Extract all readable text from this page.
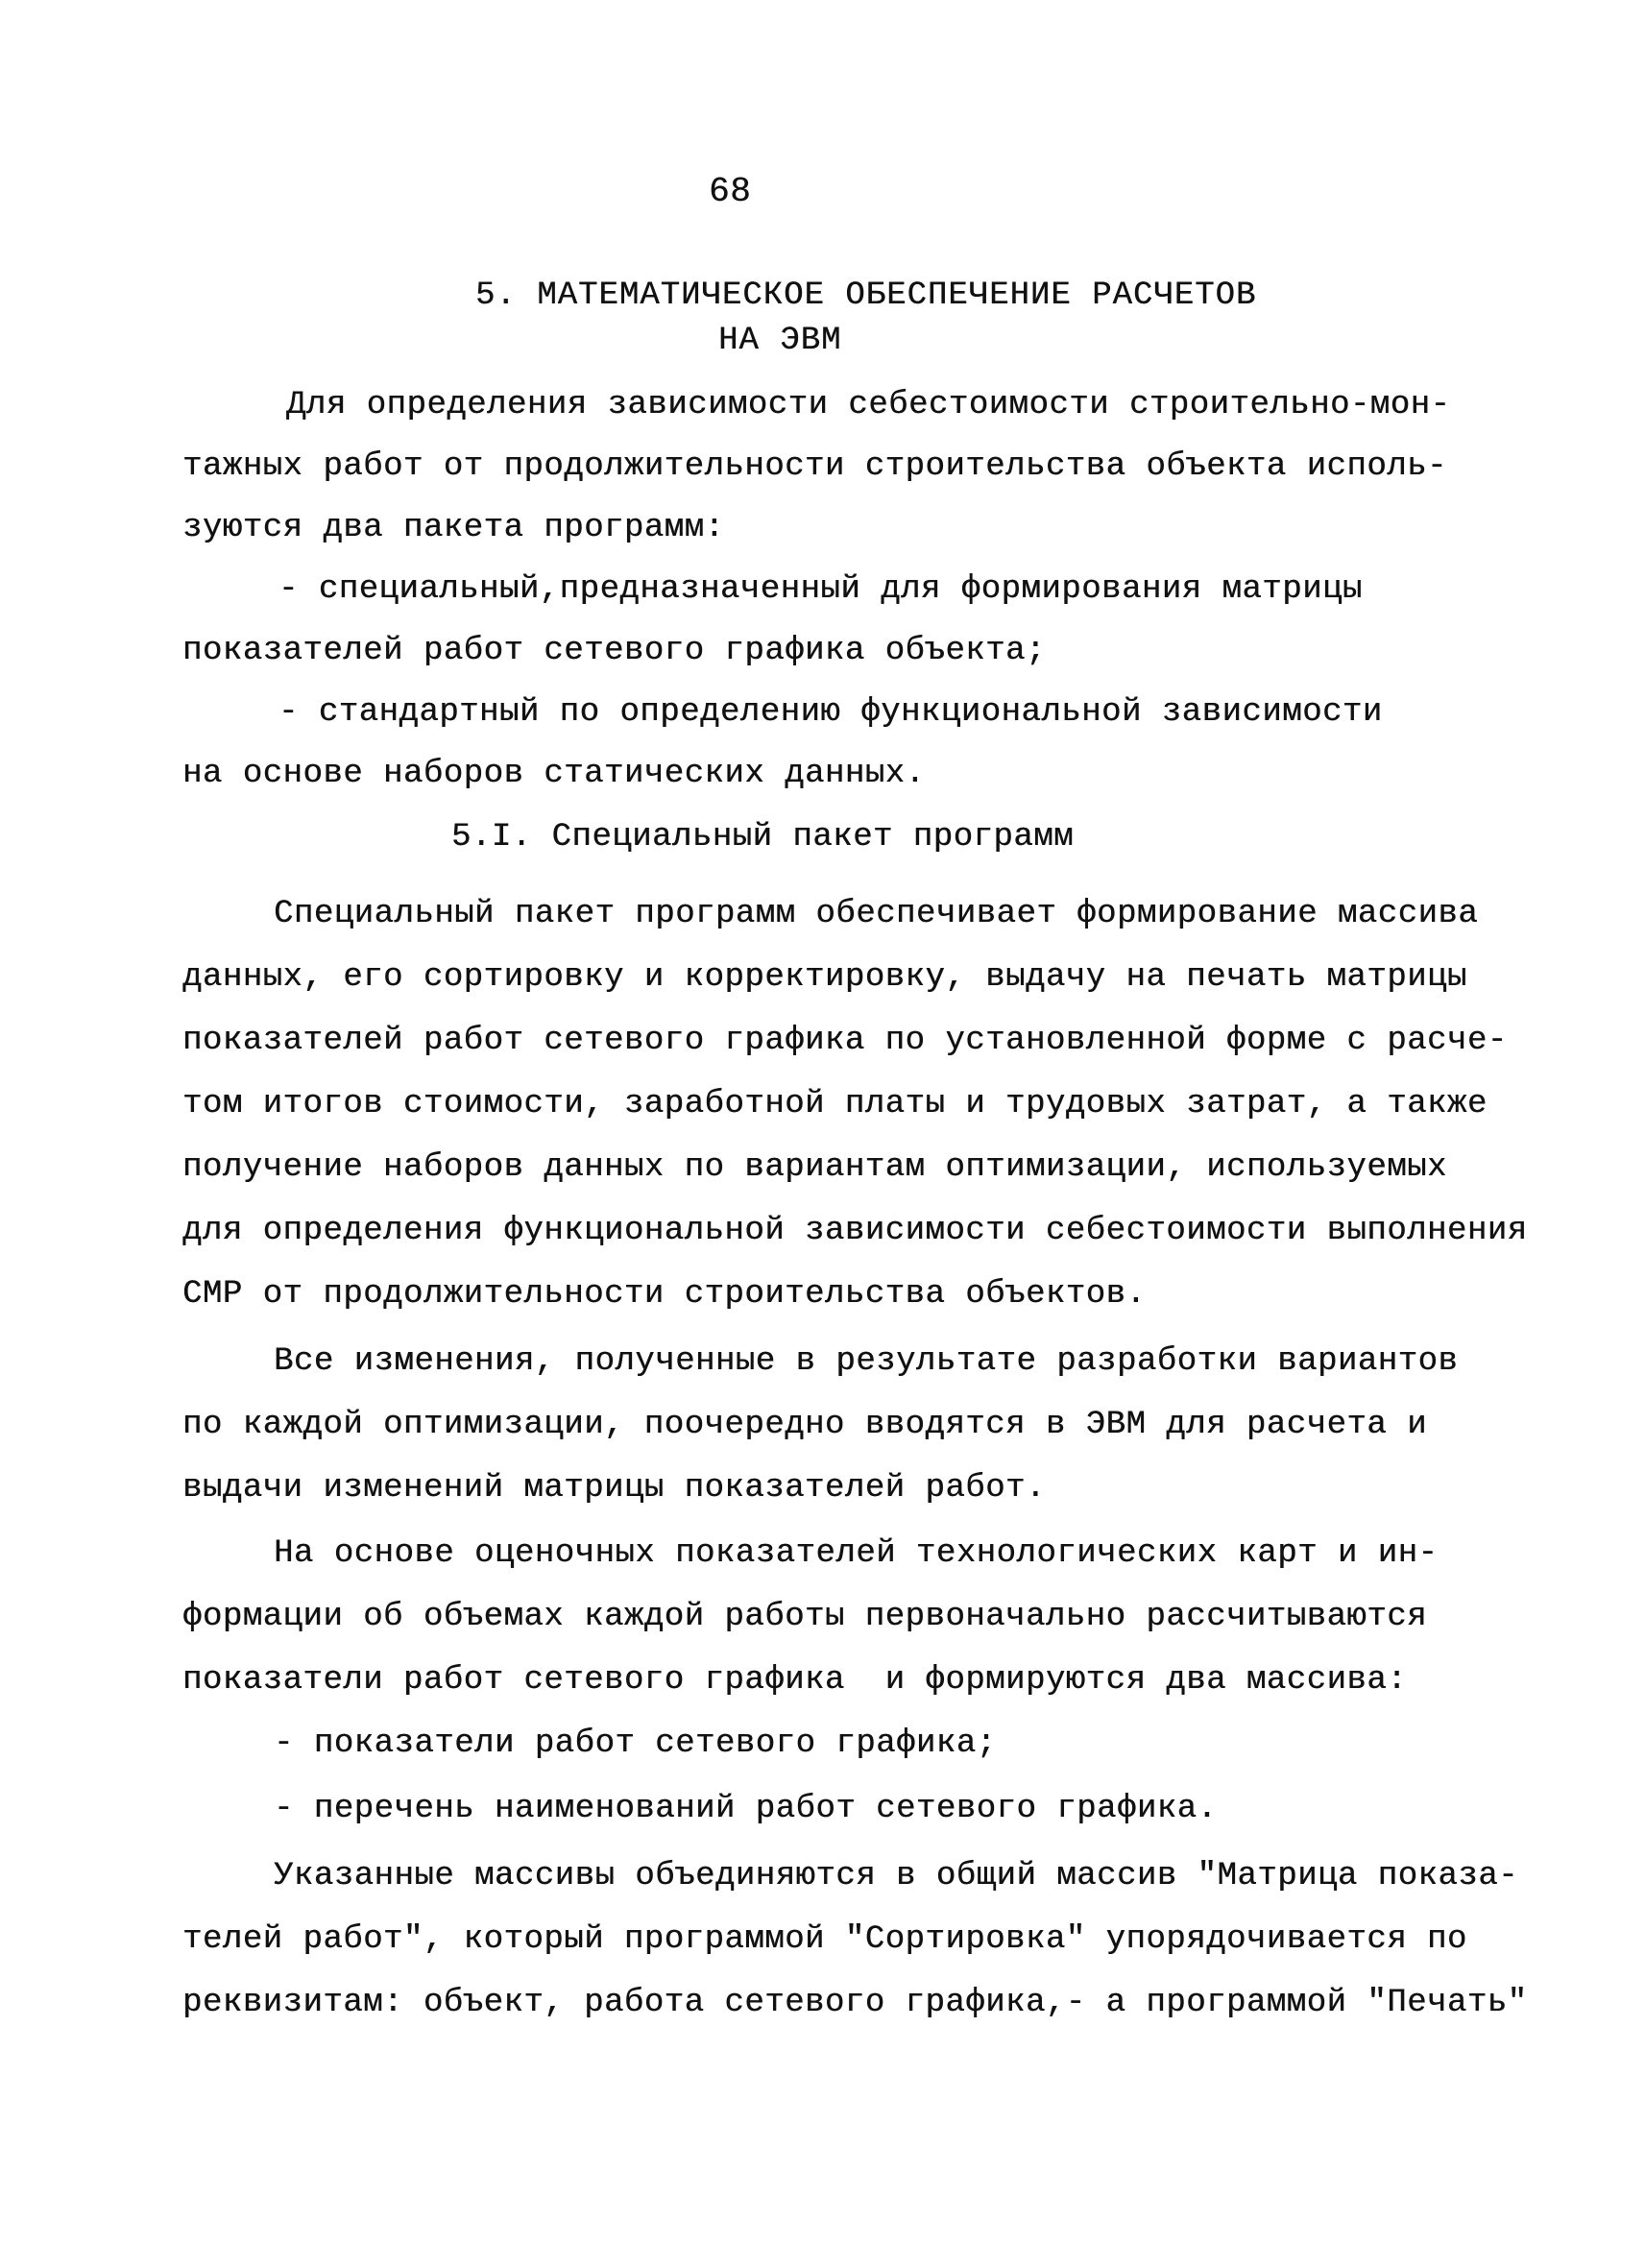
68
5. МАТЕМАТИЧЕСКОЕ ОБЕСПЕЧЕНИЕ РАСЧЕТОВ
НА ЭВМ
Для определения зависимости себестоимости строительно-мон-
тажных работ от продолжительности строительства объекта исполь-
зуются два пакета программ:
- специальный,предназначенный для формирования матрицы
показателей работ сетевого графика объекта;
- стандартный по определению функциональной зависимости
на основе наборов статических данных.
5.I. Специальный пакет программ
Специальный пакет программ обеспечивает формирование массива
данных, его сортировку и корректировку, выдачу на печать матрицы
показателей работ сетевого графика по установленной форме с расче-
том итогов стоимости, заработной платы и трудовых затрат, а также
получение наборов данных по вариантам оптимизации, используемых
для определения функциональной зависимости себестоимости выполнения
СМР от продолжительности строительства объектов.
Все изменения, полученные в результате разработки вариантов
по каждой оптимизации, поочередно вводятся в ЭВМ для расчета и
выдачи изменений матрицы показателей работ.
На основе оценочных показателей технологических карт и ин-
формации об объемах каждой работы первоначально рассчитываются
показатели работ сетевого графика  и формируются два массива:
- показатели работ сетевого графика;
- перечень наименований работ сетевого графика.
Указанные массивы объединяются в общий массив "Матрица показа-
телей работ", который программой "Сортировка" упорядочивается по
реквизитам: объект, работа сетевого графика,- а программой "Печать"
